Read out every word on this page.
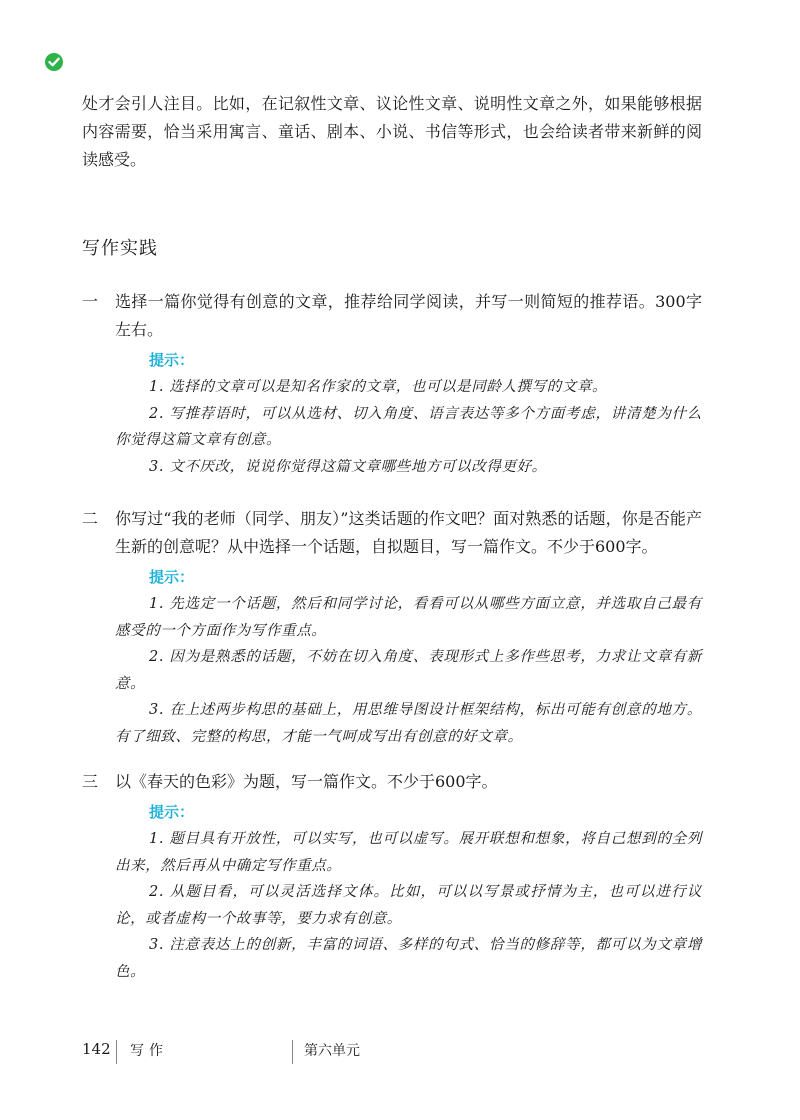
处才会引人注目。比如，在记叙性文章、议论性文章、说明性文章之外，如果能够根据内容需要，恰当采用寓言、童话、剧本、小说、书信等形式，也会给读者带来新鲜的阅读感受。

写作实践
一	选择一篇你觉得有创意的文章，推荐给同学阅读，并写一则简短的推荐语。300字左右。
提示：

1. 选择的文章可以是知名作家的文章，也可以是同龄人撰写的文章。

2. 写推荐语时，可以从选材、切入角度、语言表达等多个方面考虑，讲清楚为什么你觉得这篇文章有创意。

3. 文不厌改，说说你觉得这篇文章哪些地方可以改得更好。

二	你写过“我的老师（同学、朋友）”这类话题的作文吧？面对熟悉的话题，你是否能产生新的创意呢？从中选择一个话题，自拟题目，写一篇作文。不少于600字。
提示：

1. 先选定一个话题，然后和同学讨论，看看可以从哪些方面立意，并选取自己最有感受的一个方面作为写作重点。

2. 因为是熟悉的话题，不妨在切入角度、表现形式上多作些思考，力求让文章有新意。

3. 在上述两步构思的基础上，用思维导图设计框架结构，标出可能有创意的地方。有了细致、完整的构思，才能一气呵成写出有创意的好文章。

三	以《春天的色彩》为题，写一篇作文。不少于600字。
提示：

1. 题目具有开放性，可以实写，也可以虚写。展开联想和想象，将自己想到的全列出来，然后再从中确定写作重点。

2. 从题目看，可以灵活选择文体。比如，可以以写景或抒情为主，也可以进行议论，或者虚构一个故事等，要力求有创意。

3. 注意表达上的创新，丰富的词语、多样的句式、恰当的修辞等，都可以为文章增色。

142 写作	第六单元
